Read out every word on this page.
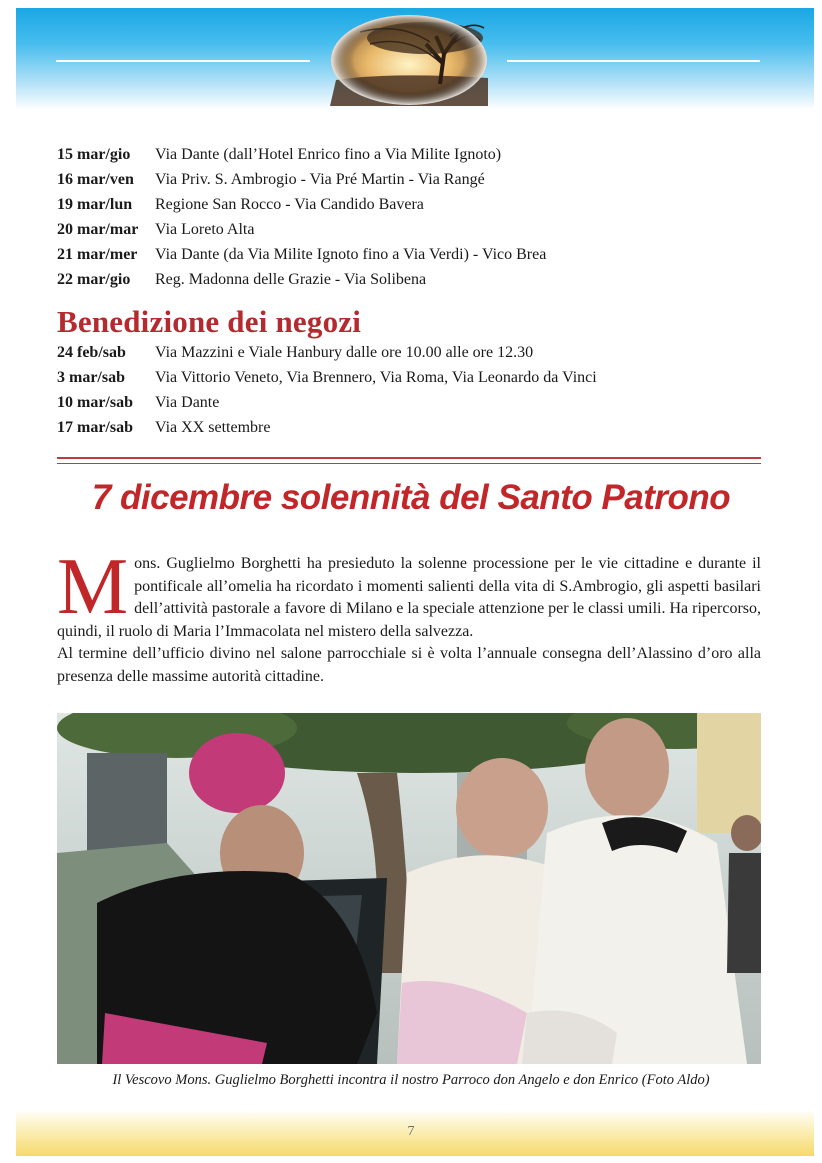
15 mar/gio	Via Dante (dall’Hotel Enrico fino a Via Milite Ignoto)
16 mar/ven	Via Priv. S. Ambrogio - Via Pré Martin - Via Rangé
19 mar/lun	Regione San Rocco - Via Candido Bavera
20 mar/mar	Via Loreto Alta
21 mar/mer	Via Dante (da Via Milite Ignoto fino a Via Verdi) - Vico Brea
22 mar/gio	Reg. Madonna delle Grazie - Via Solibena
Benedizione dei negozi
24 feb/sab	Via Mazzini e Viale Hanbury dalle ore 10.00 alle ore 12.30
3 mar/sab	Via Vittorio Veneto, Via Brennero, Via Roma, Via Leonardo da Vinci
10 mar/sab	Via Dante
17 mar/sab	Via XX settembre
7 dicembre solennità del Santo Patrono

Mons. Guglielmo Borghetti ha presieduto la solenne processione per le vie cittadine e durante il pontificale all’omelia ha ricordato i momenti salienti della vita di S.Ambrogio, gli aspetti basilari dell’attività pastorale a favore di Milano e la speciale attenzione per le classi umili. Ha ripercorso, quindi, il ruolo di Maria l’Immacolata nel mistero della salvezza.

Al termine dell’ufficio divino nel salone parrocchiale si è volta l’annuale consegna dell’Alassino d’oro alla presenza delle massime autorità cittadine.

Il Vescovo Mons. Guglielmo Borghetti incontra il nostro Parroco don Angelo e don Enrico (Foto Aldo)
7
